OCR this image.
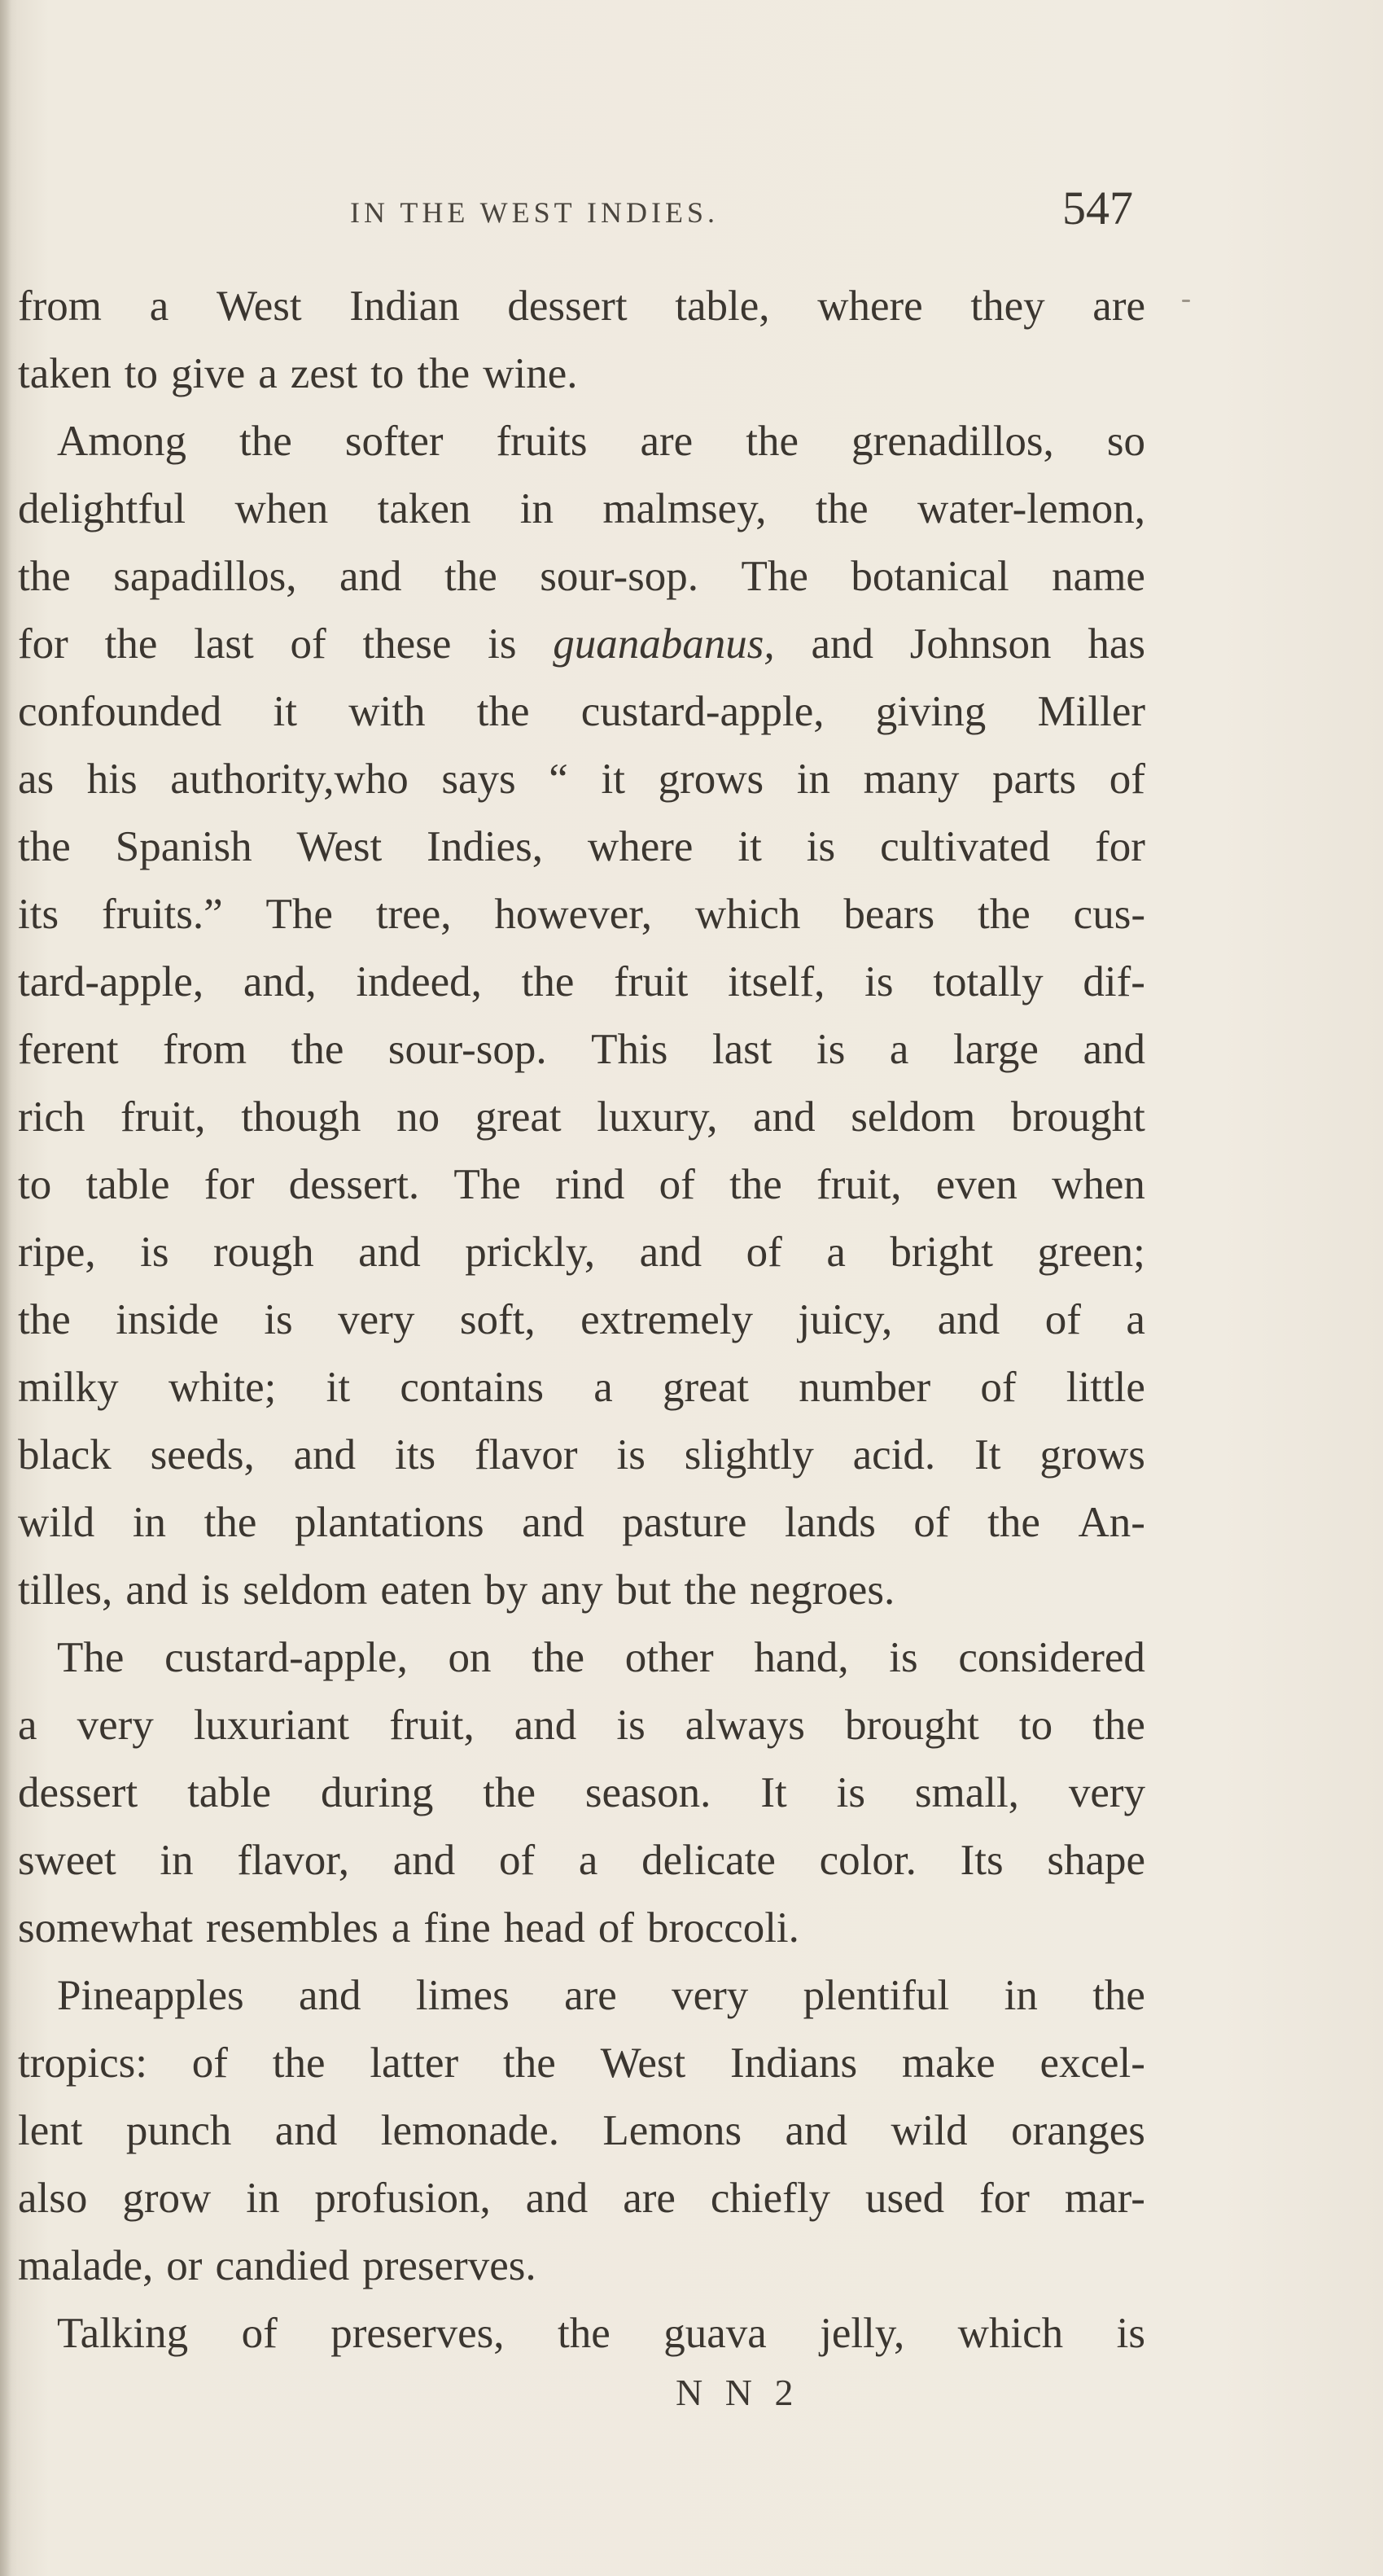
IN THE WEST INDIES.	547
from a West Indian dessert table, where they are
taken to give a zest to the wine.
Among the softer fruits are the grenadillos, so
delightful when taken in malmsey, the water-lemon,
the sapadillos, and the sour-sop. The botanical name
for the last of these is guanabanus, and Johnson has
confounded it with the custard-apple, giving Miller
as his authority,who says “ it grows in many parts of
the Spanish West Indies, where it is cultivated for
its fruits.” The tree, however, which bears the cus-
tard-apple, and, indeed, the fruit itself, is totally dif-
ferent from the sour-sop. This last is a large and
rich fruit, though no great luxury, and seldom brought
to table for dessert. The rind of the fruit, even when
ripe, is rough and prickly, and of a bright green;
the inside is very soft, extremely juicy, and of a
milky white; it contains a great number of little
black seeds, and its flavor is slightly acid. It grows
wild in the plantations and pasture lands of the An-
tilles, and is seldom eaten by any but the negroes.
The custard-apple, on the other hand, is considered
a very luxuriant fruit, and is always brought to the
dessert table during the season. It is small, very
sweet in flavor, and of a delicate color. Its shape
somewhat resembles a fine head of broccoli.
Pineapples and limes are very plentiful in the
tropics: of the latter the West Indians make excel-
lent punch and lemonade. Lemons and wild oranges
also grow in profusion, and are chiefly used for mar-
malade, or candied preserves.
Talking of preserves, the guava jelly, which is
N N 2
